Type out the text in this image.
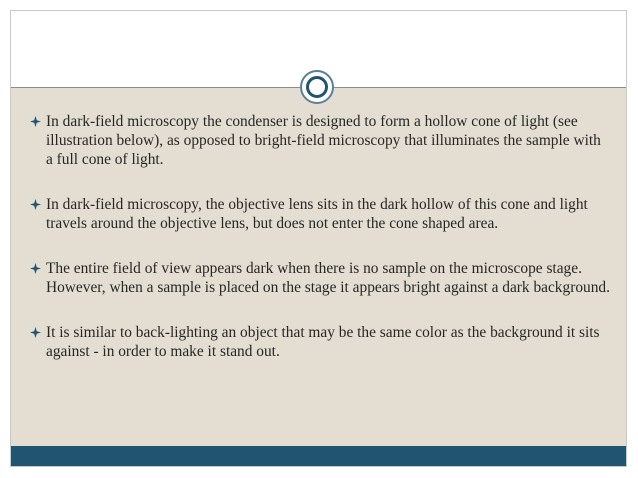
In dark-field microscopy the condenser is designed to form a hollow cone of light (see illustration below), as opposed to bright-field microscopy that illuminates the sample with a full cone of light.
In dark-field microscopy, the objective lens sits in the dark hollow of this cone and light travels around the objective lens, but does not enter the cone shaped area.
The entire field of view appears dark when there is no sample on the microscope stage. However, when a sample is placed on the stage it appears bright against a dark background.
It is similar to back-lighting an object that may be the same color as the background it sits against - in order to make it stand out.
